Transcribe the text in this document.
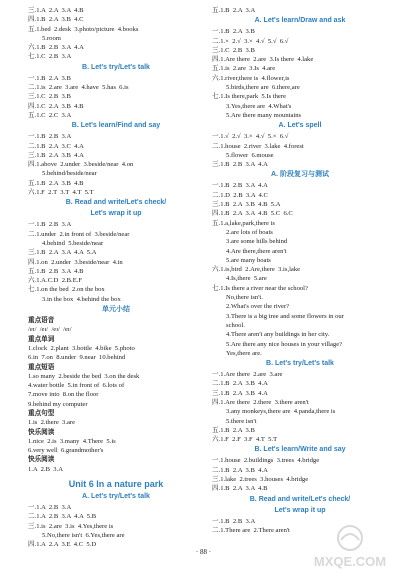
三.1.A  2.A  3.A  4.B
四.1.B  2.A  3.B  4.C
五.1.bed  2.desk  3.photo/picture  4.books
5.room
六.1.B  2.B  3.A  4.A
七.1.C  2.B  3.A
B. Let's try/Let's talk
一.1.B  2.A  3.B
二.1.is  2.are  3.are  4.have  5.has  6.is
三.1.C  2.B  3.B
四.1.C  2.A  3.B  4.B
五.1.C  2.C  3.A
B. Let's learn/Find and say
一.1.B  2.B  3.A
二.1.B  2.A  3.C  4.A
三.1.B  2.A  3.B  4.A
四.1.above  2.under  3.beside/near  4.on
5.behind/beside/near
五.1.B  2.A  3.B  4.B
六.1.F  2.T  3.T  4.T  5.T
B. Read and write/Let's check/
Let's wrap it up
一.1.B  2.B  3.A
二.1.under  2.in front of  3.beside/near
4.behind  5.beside/near
三.1.B  2.A  3.A  4.A  5.A
四.1.on  2.under  3.beside/near  4.in
五.1.B  2.B  3.A  4.B
六.1.A.C.D  2.B.E.F
七.1.on the bed  2.on the box
3.in the box  4.behind the box
单元小结
重点语音
/eɪ/  /eɪ/  /eɪ/  /eɪ/
重点单词
1.clock  2.plant  3.bottle  4.bike  5.photo
6.in  7.on  8.under  9.near  10.behind
重点短语
1.so many  2.beside the bed  3.on the desk
4.water bottle  5.in front of  6.lots of
7.move into  8.on the floor
9.behind my computer
重点句型
1.is  2.there  3.are
快乐阅读
1.nice  2.is  3.many  4.There  5.is
6.very well  6.grandmother's
快乐阅读
1.A  2.B  3.A
Unit 6 In a nature park
A. Let's try/Let's talk
一.1.A  2.B  3.A
二.1.A  2.B  3.A  4.A  5.B
三.1.is  2.are  3.is  4.Yes,there is
5.No,there isn't  6.Yes,there are
四.1.A  2.A  3.E  4.C  5.D
五.1.B  2.A  3.A
A. Let's learn/Draw and ask
一.1.B  2.A  3.B
二.1.×  2.√  3.×  4.√  5.√  6.√
三.1.C  2.B  3.B
四.1.Are there  2.are  3.Is there  4.lake
五.1.is  2.are  3.Is  4.are
六.1.river,there is  4.flower,is
5.birds,there are  6.there,are
七.1.Is there,park  5.Is there
3.Yes,there are  4.What's
5.Are there many mountains
A. Let's spell
一.1.√  2.√  3.×  4.√  5.×  6.√
二.1.house  2.river  3.lake  4.forest
5.flower  6.mouse
三.1.B  2.B  3.A  4.A
A. 阶段复习与测试
一.1.B  2.B  3.A  4.A
二.1.D  2.B  3.A  4.C
三.1.B  2.A  3.B  4.B  5.A
四.1.B  2.A  3.A  4.B  5.C  6.C
五.1.a,lake,park,there is
2.are lots of boats
3.are some hills behind
4.Are there,there aren't
5.are many boats
六.1.is,bird  2.Are,there  3.is,lake
4.Is,there  5.are
七.1.Is there a river near the school?
No,there isn't.
2.What's over the river?
3.There is a big tree and some flowers in our
school.
4.There aren't any buildings in her city.
5.Are there any nice houses in your village?
Yes,there are.
B. Let's try/Let's talk
一.1.Are there  2.are  3.are
二.1.B  2.A  3.B  4.A
三.1.B  2.A  3.B  4.A
四.1.Are there  2.there  3.there aren't
3.any monkeys,there are  4.panda,there is
5.there isn't
五.1.B  2.A  3.B
六.1.F  2.F  3.F  4.T  5.T
B. Let's learn/Write and say
一.1.house  2.buildings  3.trees  4.bridge
二.1.B  2.A  3.B  4.A
三.1.lake  2.trees  3.houses  4.bridge
四.1.B  2.A  3.A  4.B
B. Read and write/Let's check/
Let's wrap it up
一.1.B  2.B  3.A
二.1.There are  2.There aren't
· 88 ·
MXQE.COM
